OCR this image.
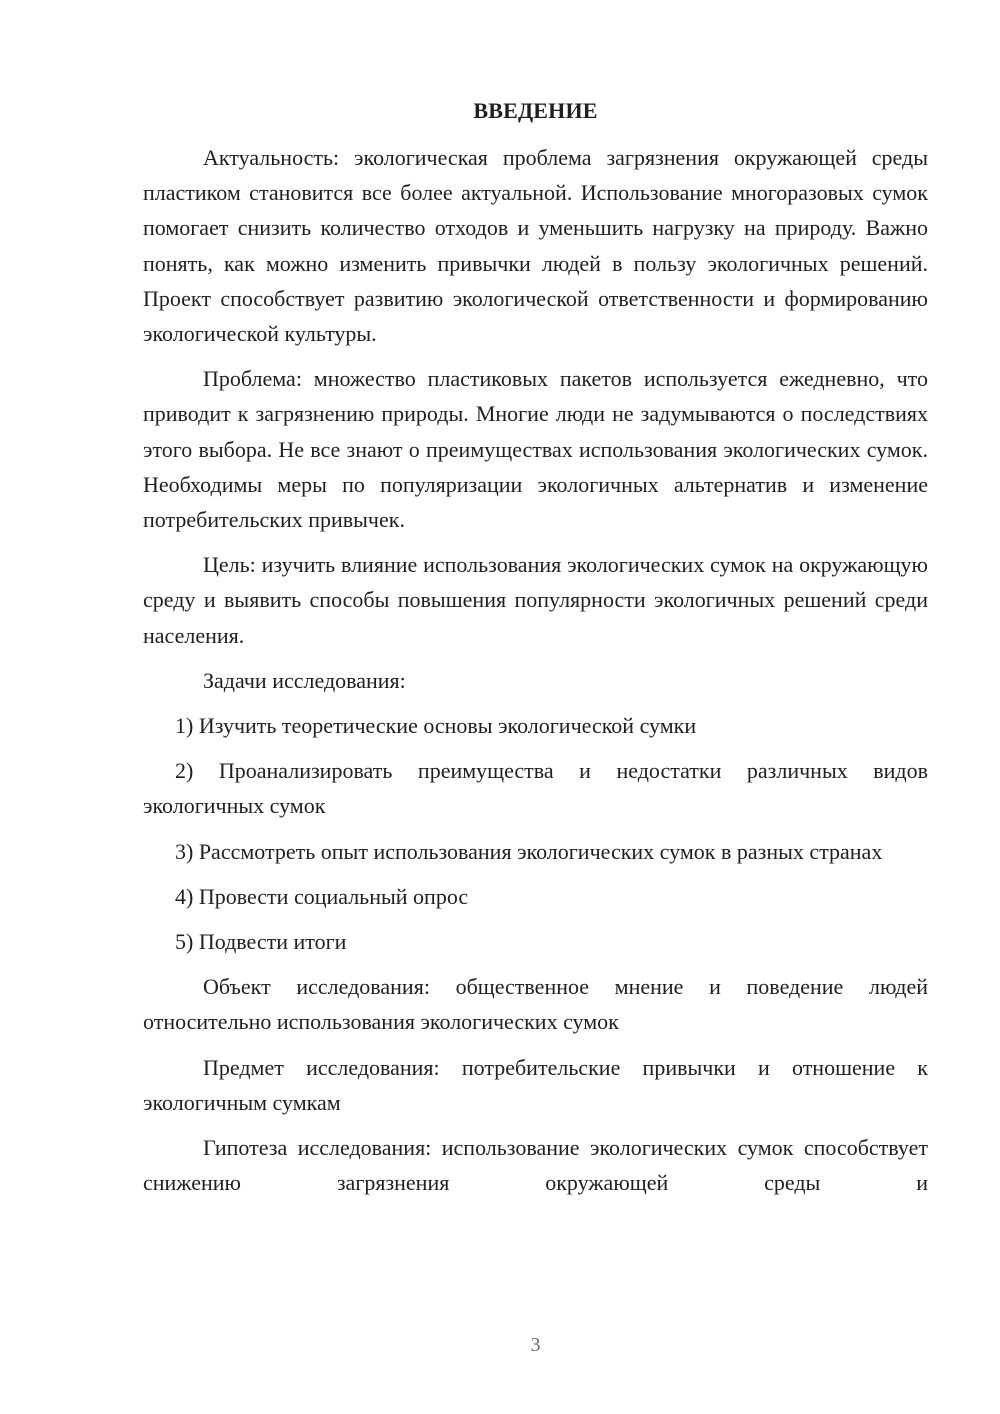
ВВЕДЕНИЕ

Актуальность: экологическая проблема загрязнения окружающей среды пластиком становится все более актуальной. Использование многоразовых сумок помогает снизить количество отходов и уменьшить нагрузку на природу. Важно понять, как можно изменить привычки людей в пользу экологичных решений. Проект способствует развитию экологической ответственности и формированию экологической культуры.

Проблема: множество пластиковых пакетов используется ежедневно, что приводит к загрязнению природы. Многие люди не задумываются о последствиях этого выбора. Не все знают о преимуществах использования экологических сумок. Необходимы меры по популяризации экологичных альтернатив и изменение потребительских привычек.

Цель: изучить влияние использования экологических сумок на окружающую среду и выявить способы повышения популярности экологичных решений среди населения.

Задачи исследования:

1) Изучить теоретические основы экологической сумки

2) Проанализировать преимущества и недостатки различных видов экологичных сумок

3) Рассмотреть опыт использования экологических сумок в разных странах

4) Провести социальный опрос

5) Подвести итоги

Объект исследования: общественное мнение и поведение людей относительно использования экологических сумок

Предмет исследования: потребительские привычки и отношение к экологичным сумкам

Гипотеза исследования: использование экологических сумок способствует снижению загрязнения окружающей среды и

3
